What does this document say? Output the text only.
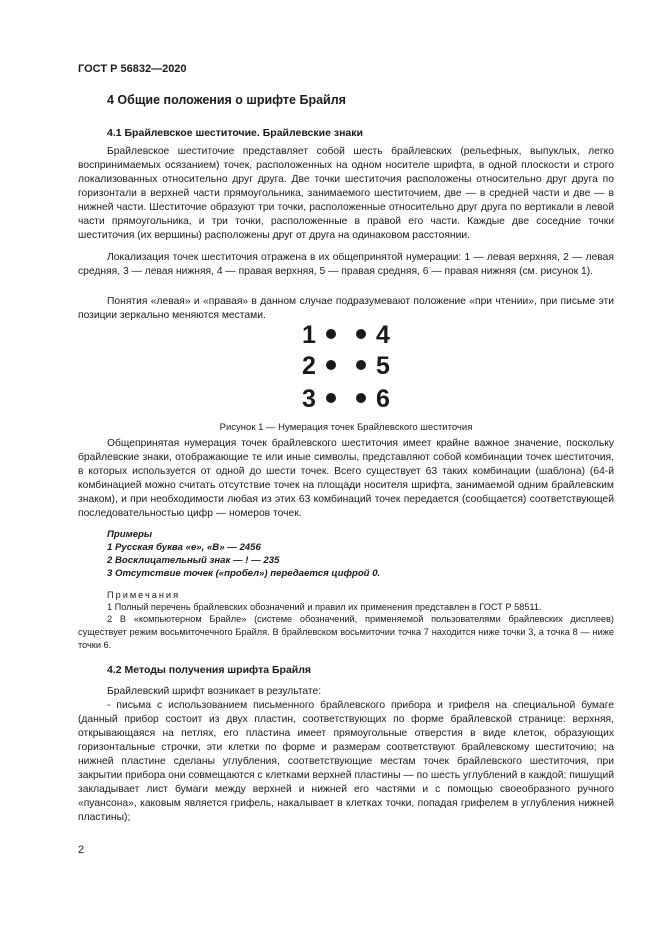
ГОСТ Р 56832—2020
4 Общие положения о шрифте Брайля
4.1 Брайлевское шеститочие. Брайлевские знаки

Брайлевское шеститочие представляет собой шесть брайлевских (рельефных, выпуклых, легко воспринимаемых осязанием) точек, расположенных на одном носителе шрифта, в одной плоскости и строго локализованных относительно друг друга. Две точки шеститочия расположены относительно друг друга по горизонтали в верхней части прямоугольника, занимаемого шеститочием, две — в средней части и две — в нижней части. Шеститочие образуют три точки, расположенные относительно друг друга по вертикали в левой части прямоугольника, и три точки, расположенные в правой его части. Каждые две соседние точки шеститочия (их вершины) расположены друг от друга на одинаковом расстоянии.

Локализация точек шеститочия отражена в их общепринятой нумерации: 1 — левая верхняя, 2 — левая средняя, 3 — левая нижняя, 4 — правая верхняя, 5 — правая средняя, 6 — правая нижняя (см. рисунок 1).

Понятия «левая» и «правая» в данном случае подразумевают положение «при чтении», при письме эти позиции зеркально меняются местами.

1 4
2 5
3 6
Рисунок 1 — Нумерация точек Брайлевского шеститочия

Общепринятая нумерация точек брайлевского шеститочия имеет крайне важное значение, поскольку брайлевские знаки, отображающие те или иные символы, представляют собой комбинации точек шеститочия, в которых используется от одной до шести точек. Всего существует 63 таких комбинации (шаблона) (64-й комбинацией можно считать отсутствие точек на площади носителя шрифта, занимаемой одним брайлевским знаком), и при необходимости любая из этих 63 комбинаций точек передается (сообщается) соответствующей последовательностью цифр — номеров точек.

Примеры
1 Русская буква «е», «В» — 2456
2 Восклицательный знак — ! — 235
3 Отсутствие точек («пробел») передается цифрой 0.
Примечания
1 Полный перечень брайлевских обозначений и правил их применения представлен в ГОСТ Р 58511.
2 В «компьютерном Брайле» (системе обозначений, применяемой пользователями брайлевских дисплеев) существует режим восьмиточечного Брайля. В брайлевском восьмиточии точка 7 находится ниже точки 3, а точка 8 — ниже точки 6.
4.2 Методы получения шрифта Брайля
Брайлевский шрифт возникает в результате:

- письма с использованием письменного брайлевского прибора и грифеля на специальной бумаге (данный прибор состоит из двух пластин, соответствующих по форме брайлевской странице: верхняя, открывающаяся на петлях, его пластина имеет прямоугольные отверстия в виде клеток, образующих горизонтальные строчки, эти клетки по форме и размерам соответствуют брайлевскому шеститочию; на нижней пластине сделаны углубления, соответствующие местам точек брайлевского шеститочия, при закрытии прибора они совмещаются с клетками верхней пластины — по шесть углублений в каждой; пишущий закладывает лист бумаги между верхней и нижней его частями и с помощью своеобразного ручного «пуансона», каковым является грифель, накалывает в клетках точки, попадая грифелем в углубления нижней пластины);

2
